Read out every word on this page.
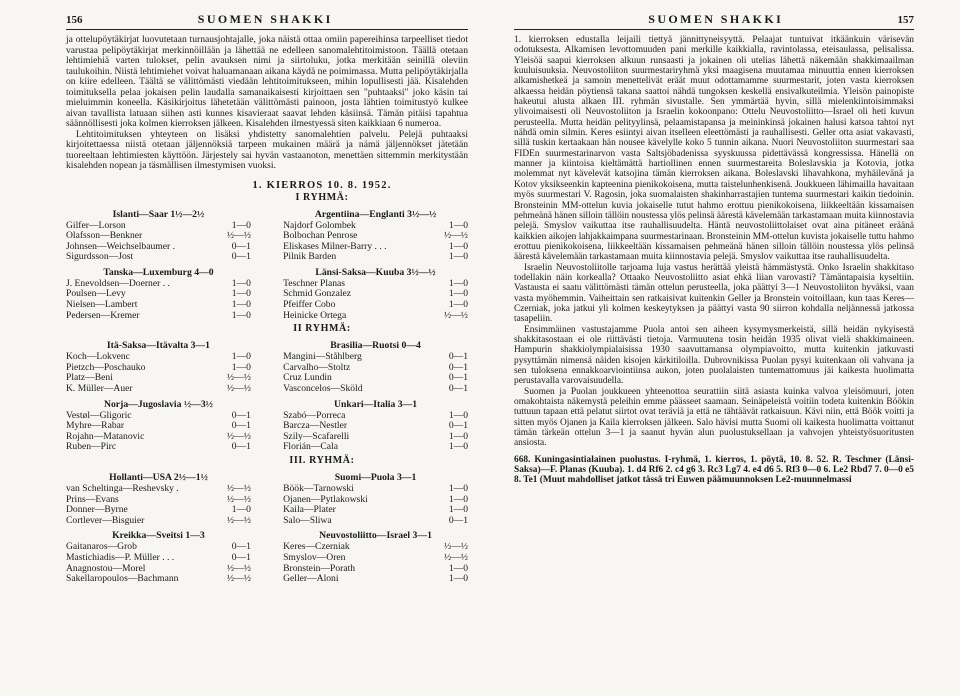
156	SUOMEN SHAKKI

ja ottelupöytäkirjat luovutetaan turnausjohtajalle, joka näistä ottaa omiin papereihinsa tarpeelliset tiedot varustaa pelipöytäkirjat merkinnöillään ja lähettää ne edelleen sanomalehtitoimistoon. Täällä otetaan lehtimiehiä varten tulokset, pelin avauksen nimi ja siirtoluku, jotka merkitään seinillä oleviin taulukoihin. Niistä lehtimiehet voivat haluamanaan aikana käydä ne poimimassa. Mutta pelipöytäkirjalla on kiire edelleen. Täältä se välittömästi viedään lehtitoimitukseen, mihin lopullisesti jää. Kisalehden toimituksella pelaa jokaisen pelin laudalla samanaikaisesti kirjoittaen sen "puhtaaksi" joko käsin tai mieluimmin koneella. Käsikirjoitus lähetetään välittömästi painoon, josta lähtien toimitustyö kulkee aivan tavallista latuaan siihen asti kunnes kisavieraat saavat lehden käsiinsä. Tämän pitäisi tapahtua säännöllisesti joka kolmen kierroksen jälkeen. Kisalehden ilmestyessä siten kaikkiaan 6 numeroa.

Lehtitoimituksen yhteyteen on lisäksi yhdistetty sanomalehtien palvelu. Pelejä puhtaaksi kirjoitettaessa niistä otetaan jäljennöksiä tarpeen mukainen määrä ja nämä jäljennökset jätetään tuoreeltaan lehtimiesten käyttöön. Järjestely sai hyvän vastaanoton, menettäen sittemmin merkitystään kisalehden nopean ja täsmällisen ilmestymisen vuoksi.

1. KIERROS 10. 8. 1952.
I RYHMÄ:
Islanti—Saar 1½—2½
Gilfer—Lorson	1—0
Olafsson—Benkner	½—½
Johnsen—Weichselbaumer .	0—1
Sigurdsson—Jost	0—1
Tanska—Luxemburg 4—0
J. Enevoldsen—Doerner . .	1—0
Poulsen—Levy	1—0
Nielsen—Lambert	1—0
Pedersen—Kremer	1—0
Argentiina—Englanti 3½—½
Najdorf Golombek	1—0
Bolbochan Penrose	½—½
Eliskases Milner-Barry . . .	1—0
Pilnik Barden	1—0
Länsi-Saksa—Kuuba 3½—½
Teschner Planas	1—0
Schmid Gonzalez	1—0
Pfeiffer Cobo	1—0
Heinicke Ortega	½—½
II RYHMÄ:
Itä-Saksa—Itävalta 3—1
Koch—Lokvenc	1—0
Pietzch—Poschauko	1—0
Platz—Beni	½—½
K. Müller—Auer	½—½
Norja—Jugoslavia ½—3½
Vestøl—Gligoric	0—1
Myhre—Rabar	0—1
Rojahn—Matanovic	½—½
Ruben—Pirc	0—1
Brasilia—Ruotsi 0—4
Mangini—Ståhlberg	0—1
Carvalho—Stoltz	0—1
Cruz Lundin	0—1
Vasconcelos—Sköld	0—1
Unkari—Italia 3—1
Szabó—Porreca	1—0
Barcza—Nestler	0—1
Szily—Scafarelli	1—0
Florián—Cala	1—0
III. RYHMÄ:
Hollanti—USA 2½—1½
van Scheltinga—Reshevsky .	½—½
Prins—Evans	½—½
Donner—Byrne	1—0
Cortlever—Bisguier	½—½
Kreikka—Sveitsi 1—3
Gaitanaros—Grob	0—1
Mastichiadis—P. Müller . . .	0—1
Anagnostou—Morel	½—½
Sakellaropoulos—Bachmann	½—½
Suomi—Puola 3—1
Böök—Tarnowski	1—0
Ojanen—Pytlakowski	1—0
Kaila—Plater	1—0
Salo—Sliwa	0—1
Neuvostoliitto—Israel 3—1
Keres—Czerniak	½—½
Smyslov—Oren	½—½
Bronstein—Porath	1—0
Geller—Aloni	1—0
SUOMEN SHAKKI	157

1. kierroksen edustalla leijaili tiettyä jännittyneisyyttä. Pelaajat tuntuivat itkäänkuin värisevän odotuksesta. Alkamisen levottomuuden pani merkille kaikkialla, ravintolassa, eteisaulassa, pelisalissa. Yleisöä saapui kierroksen alkuun runsaasti ja jokainen oli utelias lähettä näkemään shakkimaailman kuuluisuuksia. Neuvostoliiton suurmestariryhmä yksi maagisena muutamaa minuuttia ennen kierroksen alkamishetkeä ja samoin menettelivät eräät muut odottamamme suurmestarit, joten vasta kierroksen alkaessa heidän pöytiensä takana saattoi nähdä tungoksen keskellä ensivalkuteilmia. Yleisön painopiste hakeutui alusta alkaen III. ryhmän sivustalle. Sen ymmärtää hyvin, sillä mielenkiintoisimmaksi ylivoimaisesti oli Neuvostoliiton ja Israelin kokoonpano: Ottelu Neuvostoliitto—Israel oli heti kuvun perusteella. Mutta heidän pelityylinsä, pelaamistapansa ja meininkinsä jokainen halusi katsoa tahtoi nyt nähdä omin silmin. Keres esiintyi aivan itselleen eleettömästi ja rauhallisesti. Geller otta asiat vakavasti, sillä tuskin kertaakaan hän nousee kävelylle koko 5 tunnin aikana. Nuori Neuvostoliiton suurmestari saa FIDEn suurmestarinarvon vasta Saltsjöbadenissa syyskuussa pidettävässä kongressissa. Hänellä on manner ja kiintoisa kieltämättä hartiollinen ennen suurmestareita Boleslavskia ja Kotovia, jotka molemmat nyt kävelevät katsojina tämän kierroksen aikana. Boleslavski lihavahkona, myhäilevänä ja Kotov yksikseenkin kapteenina pienikokoisena, mutta taistelunhenkisenä. Joukkueen lähimailla havaitaan myös suurmestari V. Ragosin, joka suomalaisten shakinharrastajien tuntema suurmestari kaikin tiedoinin. Bronsteinin MM-ottelun kuvia jokaiselle tutut hahmo erottuu pienikokoisena, liikkeeltään kissamaisen pehmeänä hänen silloin tällöin noustessa ylös pelinsä äärestä kävelemään tarkastamaan muita kiinnostavia pelejä. Smyslov vaikuttaa itse rauhallisuudelta. Häntä neuvostoliittolaiset ovat aina pitäneet eräänä kaikkien aikojen lahjakkaimpana suurmestarinaan. Bronsteinin MM-ottelun kuvista jokaiselle tuttu hahmo erottuu pienikokoisena, liikkeeltään kissamaisen pehmeänä hänen silloin tällöin noustessa ylös pelinsä äärestä kävelemään tarkastamaan muita kiinnostavia pelejä. Smyslov vaikuttaa itse rauhallisuudelta.

Israelin Neuvostoliitolle tarjoama luja vastus herättää yleistä hämmästystä. Onko Israelin shakkitaso todellakin näin korkealla? Ottaako Neuvostoliitto asiat ehkä liian varovasti? Tämäntapaisia kyseltiin. Vastausta ei saatu välittömästi tämän ottelun perusteella, joka päättyi 3—1 Neuvostoliiton hyväksi, vaan vasta myöhemmin. Vaiheittain sen ratkaisivat kuitenkin Geller ja Bronstein voitoillaan, kun taas Keres—Czerniak, joka jatkui yli kolmen keskeytyksen ja päättyi vasta 90 siirron kohdalla neljännessä jatkossa tasapeliin.

Ensimmäinen vastustajamme Puola antoi sen aiheen kysymysmerkeistä, sillä heidän nykyisestä shakkitasostaan ei ole riittävästi tietoja. Varmuutena tosin heidän 1935 olivat vielä shakkimaineen. Hampurin shakkiolympialaisissa 1930 saavuttamansa olympiavoitto, mutta kuitenkin jatkuvasti pysyttämän nimensä näiden kisojen kärkitiloilla. Dubrovnikissa Puolan pysyi kuitenkaan oli vahvana ja sen tuloksena ennakkoarviointiinsa aukon, joten puolalaisten tuntemattomuus jäi kaikesta huolimatta perustavalla varovaisuudella.

Suomen ja Puolan joukkueen yhteenottoa seurattiin siitä asiasta kuinka valvoa yleisömuuri, joten omakohtaista näkemystä peleihin emme päässeet saamaan. Seinäpeleistä voitiin todeta kuitenkin Böökin tuttuun tapaan että pelatut siirtot ovat teräviä ja että ne tähtäävät ratkaisuun. Kävi niin, että Böök voitti ja sitten myös Ojanen ja Kaila kierroksen jälkeen. Salo hävisi mutta Suomi oli kaikesta huolimatta voittanut tämän tärkeän ottelun 3—1 ja saanut hyvän alun puolustuksellaan ja vahvojen yhteistyösuoritusten ansiosta.

668. Kuningasintialainen puolustus. I-ryhmä, 1. kierros, 1. pöytä, 10. 8. 52. R. Teschner (Länsi-Saksa)—F. Planas (Kuuba). 1. d4 Rf6 2. c4 g6 3. Rc3 Lg7 4. e4 d6 5. Rf3 0—0 6. Le2 Rbd7 7. 0—0 e5 8. Te1 (Muut mahdolliset jatkot tässä tri Euwen päämuunnoksen Le2-muunnelmassi
